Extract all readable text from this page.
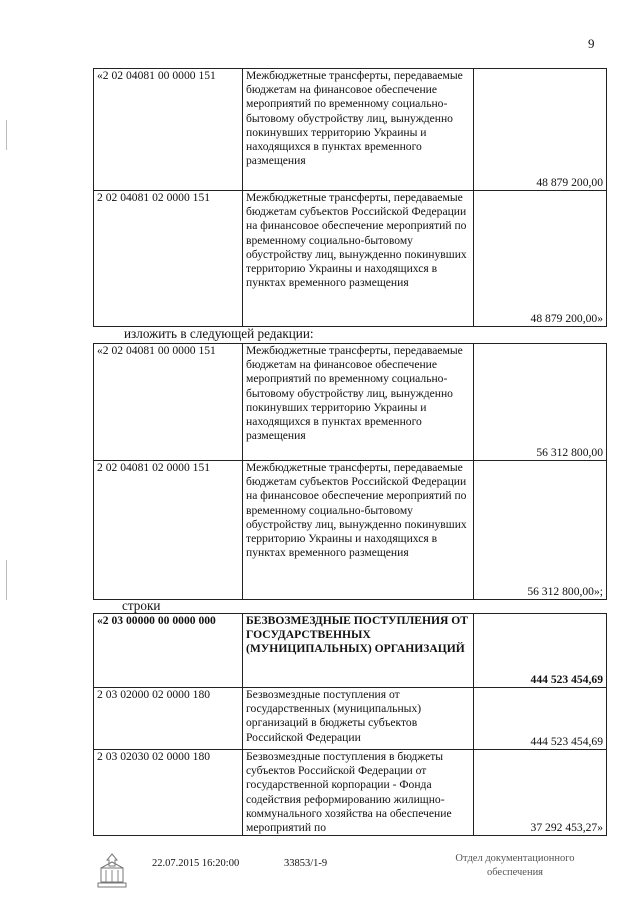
9
«2 02 04081 00 0000 151	Межбюджетные трансферты, передаваемые бюджетам на финансовое обеспечение мероприятий по временному социально-бытовому обустройству лиц, вынужденно покинувших территорию Украины и находящихся в пунктах временного размещения	48 879 200,00
2 02 04081 02 0000 151	Межбюджетные трансферты, передаваемые бюджетам субъектов Российской Федерации на финансовое обеспечение мероприятий по временному социально-бытовому обустройству лиц, вынужденно покинувших территорию Украины и находящихся в пунктах временного размещения	48 879 200,00»
изложить в следующей редакции:
«2 02 04081 00 0000 151	Межбюджетные трансферты, передаваемые бюджетам на финансовое обеспечение мероприятий по временному социально-бытовому обустройству лиц, вынужденно покинувших территорию Украины и находящихся в пунктах временного размещения	56 312 800,00
2 02 04081 02 0000 151	Межбюджетные трансферты, передаваемые бюджетам субъектов Российской Федерации на финансовое обеспечение мероприятий по временному социально-бытовому обустройству лиц, вынужденно покинувших территорию Украины и находящихся в пунктах временного размещения	56 312 800,00»;
строки
«2 03 00000 00 0000 000	БЕЗВОЗМЕЗДНЫЕ ПОСТУПЛЕНИЯ ОТ ГОСУДАРСТВЕННЫХ (МУНИЦИПАЛЬНЫХ) ОРГАНИЗАЦИЙ	444 523 454,69
2 03 02000 02 0000 180	Безвозмездные поступления от государственных (муниципальных) организаций в бюджеты субъектов Российской Федерации	444 523 454,69
2 03 02030 02 0000 180	Безвозмездные поступления в бюджеты субъектов Российской Федерации от государственной корпорации - Фонда содействия реформированию жилищно-коммунального хозяйства на обеспечение мероприятий по	37 292 453,27»
22.07.2015 16:20:00	33853/1-9	Отдел документационного
обеспечения
